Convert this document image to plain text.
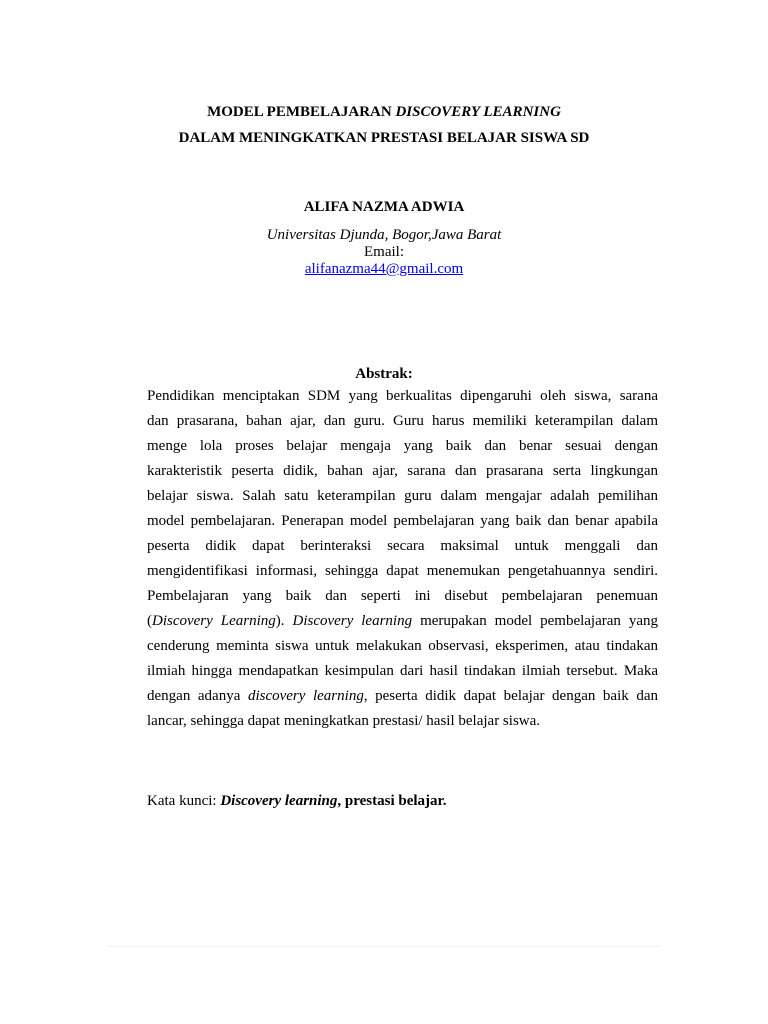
MODEL PEMBELAJARAN DISCOVERY LEARNING
DALAM MENINGKATKAN PRESTASI BELAJAR SISWA SD
ALIFA NAZMA ADWIA
Universitas Djunda, Bogor,Jawa Barat
Email:
alifanazma44@gmail.com
Abstrak:
Pendidikan menciptakan SDM yang berkualitas dipengaruhi oleh siswa, sarana
dan prasarana, bahan ajar, dan guru. Guru harus memiliki keterampilan dalam
menge lola proses belajar mengaja yang baik dan benar sesuai dengan
karakteristik peserta didik, bahan ajar, sarana dan prasarana serta lingkungan
belajar siswa. Salah satu keterampilan guru dalam mengajar adalah pemilihan
model pembelajaran. Penerapan model pembelajaran yang baik dan benar apabila
peserta didik dapat berinteraksi secara maksimal untuk menggali dan
mengidentifikasi informasi, sehingga dapat menemukan pengetahuannya sendiri.
Pembelajaran yang baik dan seperti ini disebut pembelajaran penemuan
(Discovery Learning). Discovery learning merupakan model pembelajaran yang
cenderung meminta siswa untuk melakukan observasi, eksperimen, atau tindakan
ilmiah hingga mendapatkan kesimpulan dari hasil tindakan ilmiah tersebut. Maka
dengan adanya discovery learning, peserta didik dapat belajar dengan baik dan
lancar, sehingga dapat meningkatkan prestasi/ hasil belajar siswa.
Kata kunci: Discovery learning, prestasi belajar.
